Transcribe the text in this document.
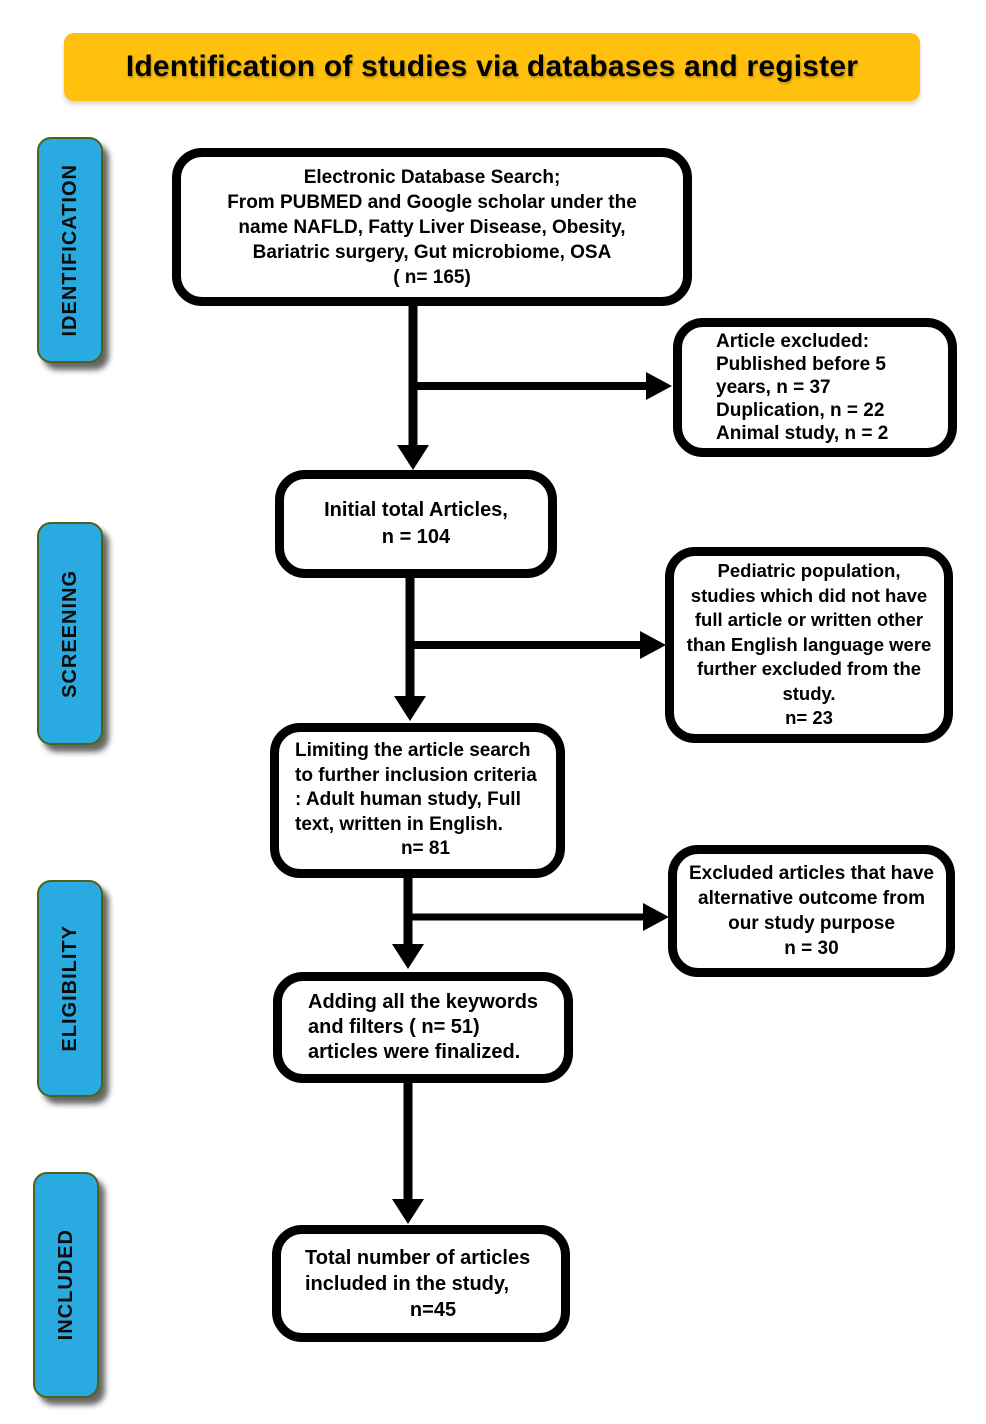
Identification of studies via databases and register
IDENTIFICATION
SCREENING
ELIGIBILITY
INCLUDED
Electronic Database Search;
From PUBMED and Google scholar under the
name NAFLD, Fatty Liver Disease, Obesity,
Bariatric surgery, Gut microbiome, OSA
( n= 165)
Article excluded:
Published before 5
years, n = 37
Duplication, n = 22
Animal study, n = 2
Initial total Articles,
n = 104
Pediatric population,
studies which did not have
full article or written other
than English language were
further excluded from the
study.
n= 23
Limiting the article search
to further inclusion criteria
: Adult human study, Full
text, written in English.
n= 81
Excluded articles that have
alternative outcome from
our study purpose
n = 30
Adding all the keywords
and filters ( n= 51)
articles were finalized.
Total number of articles
included in the study,
n=45
